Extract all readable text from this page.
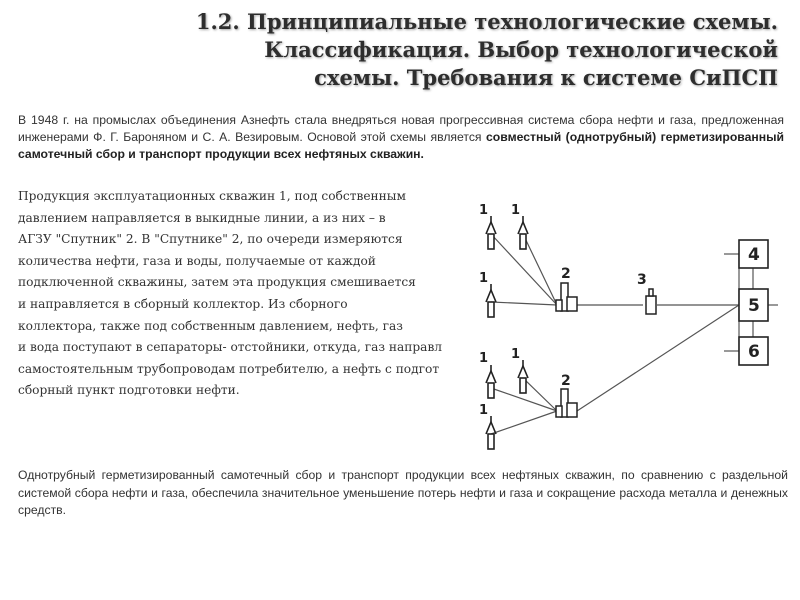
1.2. Принципиальные технологические схемы.
Классификация. Выбор технологической
схемы. Требования к системе СиПСП
В 1948 г. на промыслах объединения Азнефть стала внедряться новая прогрессивная система сбора нефти и газа, предложенная инженерами Ф. Г. Бароняном и С. А. Везировым. Основой этой схемы является совместный (однотрубный) герметизированный самотечный сбор и транспорт продукции всех нефтяных скважин.
Продукция эксплуатационных скважин 1, под собственным
давлением направляется в выкидные линии, а из них – в
АГЗУ "Спутник" 2. В "Спутнике" 2, по очереди измеряются
количества нефти, газа и воды, получаемые от каждой
подключенной скважины, затем эта продукция смешивается
и направляется в сборный коллектор. Из сборного
коллектора, также под собственным давлением, нефть, газ
и вода поступают в сепараторы- отстойники, откуда, газ направл
самостоятельным трубопроводам потребителю, а нефть с подгот
сборный пункт подготовки нефти.
1 1
1
1 1
1
2
2
3
4
5
6
Однотрубный герметизированный самотечный сбор и транспорт продукции всех нефтяных скважин, по сравнению с раздельной системой сбора нефти и газа, обеспечила значительное уменьшение потерь нефти и газа и сокращение расхода металла и денежных средств.
